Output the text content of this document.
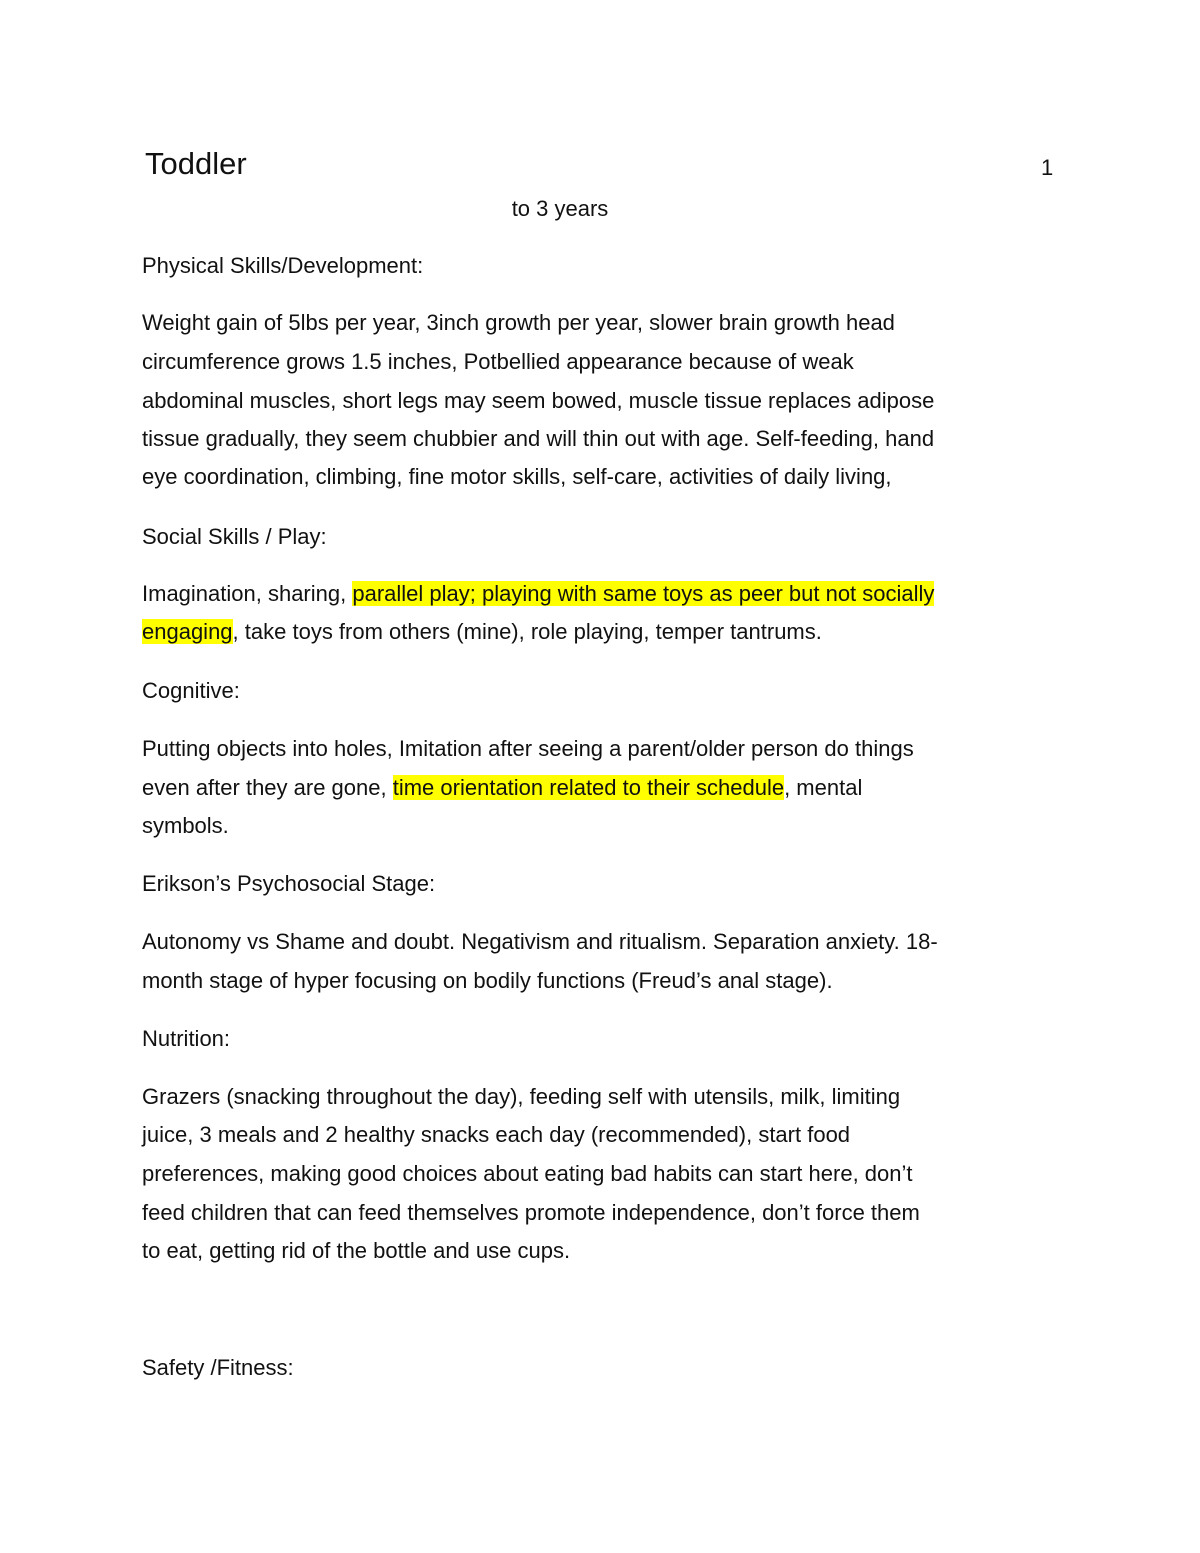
Toddler	1
to 3 years
Physical Skills/Development:
Weight gain of 5lbs per year, 3inch growth per year, slower brain growth head
circumference grows 1.5 inches, Potbellied appearance because of weak
abdominal muscles, short legs may seem bowed, muscle tissue replaces adipose
tissue gradually, they seem chubbier and will thin out with age. Self-feeding, hand
eye coordination, climbing, fine motor skills, self-care, activities of daily living,
Social Skills / Play:
Imagination, sharing, parallel play; playing with same toys as peer but not socially
engaging, take toys from others (mine), role playing, temper tantrums.
Cognitive:
Putting objects into holes, Imitation after seeing a parent/older person do things
even after they are gone, time orientation related to their schedule, mental
symbols.
Erikson’s Psychosocial Stage:
Autonomy vs Shame and doubt. Negativism and ritualism. Separation anxiety. 18-
month stage of hyper focusing on bodily functions (Freud’s anal stage).
Nutrition:
Grazers (snacking throughout the day), feeding self with utensils, milk, limiting
juice, 3 meals and 2 healthy snacks each day (recommended), start food
preferences, making good choices about eating bad habits can start here, don’t
feed children that can feed themselves promote independence, don’t force them
to eat, getting rid of the bottle and use cups.
Safety /Fitness:
